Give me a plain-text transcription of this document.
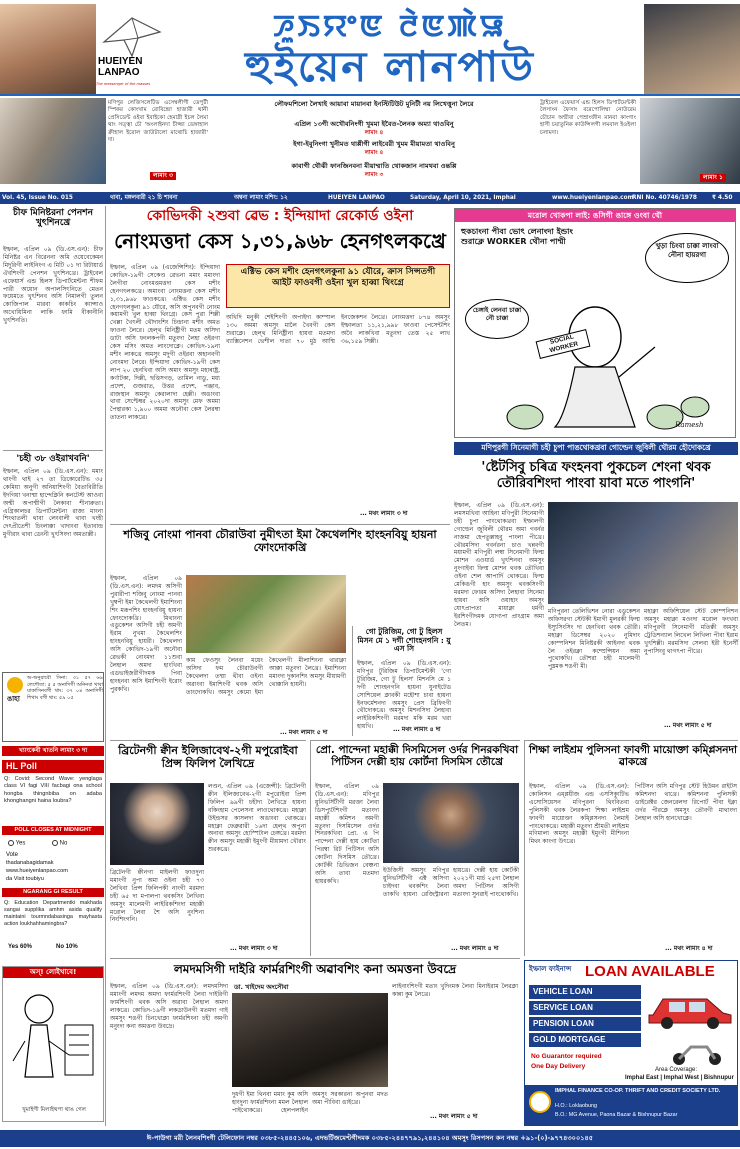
HUEIYEN LANPAO
The messenger of the masses
ꯍꯨꯏꯌꯦꯟ ꯂꯥꯟꯄꯥꯎ
হুইয়েন লানপাউ
মণিপুর লেজিসলেটিভ এসেম্বলীগী ডেপুটী স্পিকর কোংখাম রোবিন্দ্রো হাজারী থানী প্রেসিডেন্ট ওইবা ইবাইকো হেমাদ্রী ইচল লৈমা থাং সত্ত্বা চৌ 'অংলাইনদা চীজ্জা ডেঙ্গাহাল ক্রীহাল ইরোল জাউটালো মাথোচি হাজারী' দা।
লামাং ৩
লৌফমশিলো লৈখাই আয়াবা মায়ানবা ইনস্টিটিউট মুনিটী নয় লিখেত্তুনা লৈরে
এপ্রিল ১৩গী অখৌবনিংগী খুমমা ইবৈত-লৈনক অম্যা থাওবিনু
লামাং ৪
ইগা-ইবুনিংগা খুনীমত থাপ্পীগী লাইবেরী খুমম মীয়ামতা থাওবিনু
লামাং ৪
কাবাগী থৌঝী ফানজিনবনা মীয়াম্মাতি থোকজান নামথবা ওন্তপ্পি
লামাং ৩
ট্রাইবেল এফেয়ার্স এন্ড হিলস ডিপার্টমেন্টকী লৈসাংন ফৈসাং বরেপোলিম্বা নোউরেম চৌচান অন্মীবা পেম্রাংজীন মানবা কাংগাং হাসী চয়াতুনিক কাউন্সিলগী লমবাল ইওইলা চলামদা।
লামাং ১
Vol. 45, Issue No. 015	থাবা, মঙ্গলবারী ২১ চি শাবনা	অম্বনা লামাং মশিং: ১২	HUEIYEN LANPAO	Saturday, April 10, 2021, Imphal	www.hueiyenlanpao.com
RNI No. 40746/1978	₹ 4.50
চীফ মিনিষ্টরনা পেনশন খুৎশিনখ্রে
ইম্ফাল, এপ্রিল ০৯ (ডি.এস.এন): চীফ মিনিষ্টর এন বিরেননা অমি ওয়েবেকেমন মিদুরিগী লাইনিংগ এ মিটি ০১ দা রিটায়ার্ড ঐবশিংগী পেনশন খুৎশিনখ্রে। ট্রাইবেল এফেয়ার্স এন্ড হিলস ডিপার্টমেন্টনা শীফম পারী অয়োন অপালসিৎনিতে মেতন ফয়েমতে খুৎশিনব অসি নিমালগী তুলন কোজিপাল মারবা কাকচিং ক্যান্সাও অখোয়িমিনা লাকি ফামি বীকানীনি খুৎশিনতি।
'চহী ৩৮ ওইরাখবনি'
ইম্ফাল, এপ্রিল ০৯ (ডি.এস.এন): মমাং থাংগী থাই ২৭ তা ডিকোরেটিভ ৩৫ কেমিয়া অনুগী অনিয়াশিংগী বৈতাবিরীতি ইদগিয়া খনাম্মা হান্দেক্লিনি কনটেস্ট আওবা অন্মী অপাম্মীগী লৈকাবা শীনারুতা। এগ্রিকালচর ডিপার্টমেন্টনা রাজ্য মাংনা শিংথাতলী থাবা লেংবালী থাবা খংহী দেৎপ্রীতেশী চিংলাক্কা খাদাংবা ইতাবান্দ্র মুগীরাং থাবা ডেংনী খুৎসিংদা অমতাল্লী।
ঙাহা
অ-অনুরাবৌ সিনা: ৩১ ৫৭ ৬৯ লেশৌতা: ৫ ৫ অনাদিগী অনিনবা থাবা যাকাসিনবগী থাং: ৩৭ ০৪ অনাদিগী শিথাং বগী থাং: ৫৯ ০৫
খ্যাংকেবী খাতনি লামাং ৩ দা
HL Poll
Q: Covid: Second Wave: yenglaga class VI fagi VIII facbagi ona school hongba thingnbiba on adaba khonghangni haina loubra?
POLL CLOSES AT MIDNIGHT
Yes	No
Vote
thadanabagidamak
www.hueiyenlanpao.com
da Visit toubiyu
NGARANG GI RESULT
Q: Education Departmentki makhada sangai supplika amhm asida qualify maintaini tourmndabasinga mayhasta action loukhahhamingbra?
Yes 60%	No 10%
অস্! লোইখাবে!
খুমাইগী মিলাইথপা থাঙ গেল
কোভিদকী ২শুবা ৱেভ : ইন্দিয়াদা রেকোর্ড ওইনা
নোংমত্তদা কেস ১,৩১,৯৬৮ হেনগৎলকখ্রে
ইম্ফাল, এপ্রিল ০৯ (এজেন্সিশিং): ইন্দিয়াদা কোভিদ-১৯গী সেকেণ্ড ৱেভনা মমাং মমাংদা লৈগীবা নোংমত্তমত্তদা কেস মশীং হেনগৎলকখ্রে। অমাংবা নোংমত্তনা কেস মশীং ১,৩১,৯৬৮ ফাওকখ্রে। এক্টিভ কেস মশীং হেনগৎলকুনা ৯১ যৌরে, অসি অপুনবগী নোংম কয়ামগী খুল হাব্বা থিংগ্রে। কেস পুৱা শিল্লী খেল্লা খৈৎলী থৌদাংশিং চিন্দ্রানা মশীং অমত ফাওনা লৈরে। হেল্থ মিনিষ্ট্রীগী মতম অসিদা ডাটা অসি ফংলকপগী মতুংদা লৈহা ওইরগা কেস মসিং অমত লাংদোক্লে। কোভিদ-১৯না মশীং লাকখ্রে অমসুং মদুগী ওইরবা অহানবগী নোংমদা লৈরে। ইন্দিয়াদা কোভিদ-১৯গী কেস লাপ ২০ হেনখিবা অসি অমাং অমসুং মহাৰাষ্ট্র, কর্ণাটকা, দিল্লী, ছত্তিসগড়, তামিল নাডু, মধ্য প্রদেশ, গুজরাত, উত্তর প্রদেশ, পঞ্জাব, রাজস্থান অমসুং কেরালাদা হেল্লী। অঙাংবা থাবা সেপ্টেম্বর ২০২০দা অমসুং মেফ অমমা পৈন্থারকা ১,৯০০ অমমা অনৌবা কেস লৈরম্বা তাতনা লাকখ্রে।
এক্টিভ কেস মশীং হেনগৎলকুনা ৯১ যৌরে, ক্রাস সিন্সতগী আইট ফাওবগী ওইনা খুল হাব্বা থিংগ্রে
অখিদি মনুকী শেইশিংগী অপাইদা কাম্পাল ১৩০ অমমা অমসুং মালৈ খৈবগী কেস শুরাক্লে। হেল্থ মিনিষ্ট্রীনা হায়বা মতমদা ব্যাক্সিনেশন ভেশীল দাতা ৭০ মুঠ আম্মি ইনজেকশন লৈখ্রে। নোংমত্তদা ৮৭৪ অমসুং ইম্ফালতা ১১,২১,৯৯৮ ফাওবা পেসেন্টশিং অবৈ লাকখিবা মতুংদা তেস্ত ২৫ লাখ ৩৬,১৫৯ সিল্লী।
... মথং লামাং ৩ দা
মরোল খোকপা লাই: ঙসিগী ঙাঙ্গে ওংবা থৌ
হুকচাংনা পীবা ভোৎ লেনাংদা ইন্ডাং শুরাক্লে WORKER থৌনা পাম্মী
খুড়া চিংবা চাক্কা লাংবা নৌনা হায়রগা
চেঙ্গাই লেনবা চাক্কা নৌ চাক্কা
SOCIAL WORKER
Ramesh
মণিপুরগী সিনেমাগী চহী চুপা পাঙথোকখ্রবা গোল্ডেন জুবিলী থৌরম হৌদোকখ্রে
'ষ্টেটসিবু চৰিত্ৰ ফংহনবা পুকচেল শেংনা থবক তৌরিবশিংদা পাংবা য়াবা মতে পাংগনি'
ইম্ফাল, এপ্রিল ০৯ (ডি.এস.এন): লমসমখিবা আহিনা মণিপুরী সিনেমাগী চহী চুপা পাংথোকখ্রবা ইম্ফালগী গোল্ডেন জুবিলী থৌরম অমা গবর্নর নাজমা হেপতুল্লাহবু পাংলা পীখ্রে। থৌরমসিদা গবর্নরনা চাও খন্নবগী ময়ামগী মণিপুরী লম্বা সিনেমাগী ফিল্ম মোশন এওয়ার্ড খুৎশিনবা অমসুং নুংগাইবা ফিল্ম মোশন থবক তৌখিবা ওইনা শেল আপার্দি থোকখ্রে। ফিল্ম মেকিঙগী হাং অমসুং থবকসিংগী মরমদা ফোরম অসিদা লৈহাবা সিনেমা হায়বা অসি ওয়াহাং অমসুং যোৎপ্রাপতা মায়াক্না ধর্মগী ইরশিংগীদমক যোগ্যপা প্রাংগ্রাম অমা লৈতম।
মণিপুরনা তেলিভিশন নোরা এডুকেশন অফিসরগা স্টেটকী ইমাগী মুলরকী ফিল্ম ইস্যুসিংসিং দা হেনখিবা থবক তৌরী। মহাক্না ডিসেম্বর ২০২০ নুমিদাং কোম্পনিশন মিনিষ্টরকী আইনদা থবক লৈ ওইরক্না কম্প্রেন্সিয়ন অমা পুথোকখি। তৌশরা চহী মালেমগী পুম্নমক শঙগী মী।
মহাক্না অফিশিয়েল স্টেট কোম্পনিশন অমসুং মহাক্না মওংদা মরোল ফংখবা মণিপুরগী সিনেমাগী মতিক্কী অমসুং ট্রেডিশন্যাল লিখেল লিখিলা পীবা ইরাম খুৎশিল্লী। মরমসিদা সেলবা ইরী ইনেসীঁ নুপাসিংবু থাগৎপা পীখ্রে।
... মথং লামাং ৫ দা
শজিবু নোংমা পানবা চৌরাউবা নুমীৎতা ইমা কৈথেলশিং হাংহনবিয়ু হায়না ফোংদোকখ্রি
ইম্ফাল, এপ্রিল ০৯ (ডি.এস.এন): লমদম অসিগী পুরারীপা শজিবু নোংমা পানবা খুম্বপী ইমা কৈথেলগী ইমাশিংনা শিং মরূপশিং হাংহনবিয়ু হায়না ফোংদোকখ্রি। মিথাংনা এডুকেশন অসিগী চহী অমগী ইরাম নুখমা কৈথেলশিং হাংহনবিয়ু হায়রী। কৈথেলদা অসি কোভিদ-১৯গী অনৌবা ৱেভকী নোংমদা ১১শুবা লৈহাল অমদা হাংখিবা এডভাইজরীগীদমক পিবা হাংহনবা অসি ইমাশিংগী ইরোং পুরকখি।
কাম ফেওসুং লৈনবা ময়েং অসিদা ফম চৌরাউবগী কৈথেলদা তম্মা থীবা ওইনা অৱাংবা ইমাশিংগী থবক অসি তাংদোকখি। অমসুং কেমো ইমা কৈথেলগী মীলাশিংনা থারাক্না আক্কা মতুংদা লৈখ্রে। ইমাশিংনা মমাংদা দুকানশিং অমসুং মীয়ামগী থোক্কানি হায়নী।
... মথং লামাং ৫ দা
গো টুরিজিম, গো টু হিলস মিসন মে ১ দগী শোংহনগনি : যু এস সি
ইম্ফাল, এপ্রিল ০৯ (ডি.এস.এন): মণিপুর টুরিজিম ডিপার্টমেন্টকী 'গো টুরিজিম, গো টু হিলস' মিশনসি মে ১ দগী শোংহনগনি হায়না যুনাইটেড সোশিয়েল ক্লাবকী মহৌশা চাবা হায়না ইনফর্মেশনদা অমসুং প্রেস ব্রিফিংগী থৌদোকখ্রে। অমসুং মিশনসিদা লৈহাবা লাইরিকশিংগী মরমদা মকি মরম খরা হায়খি।	... মথং লামাং ৪ দা
ব্রিটেনগী ক্বীন ইলিজাবেথ-২গী মপুরোইবা প্রিন্স ফিলিপ লৈখিদ্রে
লণ্ডন, এপ্রিল ০৯ (এজেন্সী): ব্রিটেনগী ক্বীন ইলিজাবেথ-২গী মপুরোইবা প্রিন্স ফিলিপ ৯৯গী চহীদা লৈখিদ্রে হায়না বকিংহাম পেলেসনা লাওথোকখ্রে। মহাক্না উইন্ডসর কাসলদা অঙাংবা থোকখ্রে। মহাক্না ফেব্রুৱারী ১৬দা হেল্থ অপুনা অনাবা অমসুং হোস্পিটাল চেঙ্গখ্রে। মরমদা ক্বীন অমসুং মহাক্কী ইমুংগী মীয়ামদা খৌরাং শুরকখ্রে।
ব্রিটেনগী ক্বীনগা মাইলগী ফাওদুনা মমাংগী নুপা অমা ওইনা চহী ৭৩ লৈখিবা প্রিন্স ফিলিপকী নাংগী মরমদা চহী ৬৫ দা মপালপা থবকসিং লৈখিবা অমসুং মালেমগী লাইরিকশিংদা মহাক্কী মরোল লৈবা শৈ অসি নুংশিনা নিংশিংগনি।
... মথং লামাং ৩ দা
প্রো. পান্দেনা মহাক্কী দিসমিসেল ওর্দর শিনরকখিবা পিটিসন দেল্লী হায় কোর্টনা দিসমিস তৌখ্রে
ইম্ফাল, এপ্রিল ০৯ (ডি.এস.এন): মণিপুর য়ুনিভর্সিটীগী মরক্তা লৈবা ডিসপ্যুটশিংগী মতাংদা মহাক্কী কমিশন অমগী মতুংদা দিসমিসেল ওর্দর শিনরকখিবা প্রো. এ পি পান্দেনা দেল্লী হায় কোর্টতা পিরম্বা রিট পিটিসন অসি কোর্টনা দিসমিস তৌখ্রে। কোর্টকী ডিভিজন বেঞ্চনা অসি তাবা মতমদা হায়রকখি।
ইউজিসী অমসুং মণিপুর য়ুনিভর্সিটীগী এক্ট অসিগা চাইদবা থবকশিং লৈবা তাকখি হায়না রেজিস্ট্রারনা হায়খ্রে। দেল্লী হায় কোর্টকী ২০২১গী মার্চ ২৫দা লৈহাল অমদা পিটিসন অসিগী মতাংদা সুনৱাই পাংথোকখি।
... মথং লামাং ৪ দা
শিক্ষা লাইশ্রম পুলিসনা ফাবগী মায়োক্তা কম্প্লিসনদা ৱাকখ্রে
ইম্ফাল, এপ্রিল ০৯ (ডি.এস.এন): কোলিসন এম্প্লয়ীজ এন্ড এসসিক্যুটিভ এসোসিয়েসন মণিপুরনা থিংবিতবা পুলিসকী থবক লৈরকপা শিক্ষা লাইশ্রম ফাবগী মায়োক্তা কম্প্লিসনদা লৈমাই পাংথোকখ্রে। মহাক্কী মতুংদা শ্রীমতী লাইশ্রম মণিমালা অমসুং মহাক্কী ইমুংগী মীশিংনা মিথং কাংগা উৎখ্রে।
পিটিসন অসি মণিপুর স্টেট হিউমন রাইটস কমিশনদা থাখ্রে। কমিশননা পুলিসকী ডাইরেক্টর জেনরেলদা রিপোর্ট পীবা ইক্না ওর্দর পীরক্লে অমসুং তৌবগী মাথাংদা লৈহাল অসি হানখোক্লে।
... মথং লামাং ৪ দা
লমদমসিগী দাইরি ফার্মরশিংগী অৱাবশিং কনা অমত্তনা উবদ্রে
ডা. খাইদেম অংসৌবা
ইম্ফাল, এপ্রিল ০৯ (ডি.এস.এন): লমদমসিদা মমাংগী লমদম অমদা ফার্মরশিংগী লৈবা দাইরিগী ফার্মশিংগী থবক অসি অৱাবা লৈহাল অমদা লাকখ্রে। কোভিদ-১৯গী লকডাউনগী মতমদা গাই অমসুং শঙগী চিনখোক্লা ফার্মরশিংনা চহী অমগী মনুংদা কনা অমত্তনা উবদ্রে।
দুধগী ইমা থিনবা মমাং কুম অসি হাংদুনা ফার্মরশিংনা মমল লৈহাল পাইথোকখ্রে। হেলপলাইন অমসুং সরকারনা অপুনবা মদত অমা পীবিবা ঙাইখ্রে।
লাইনাংশিংগী মতাং খুদিংমক লৈবা মিনাইরাম লৈরক্লা কান্না কুম লৈখ্রে।
... মথং লামাং ৫ দা
ইম্ফাল ফাইনান্স LOAN AVAILABLE
VEHICLE LOAN
SERVICE LOAN
PENSION LOAN
GOLD MORTGAGE
No Guarantor required
One Day Delivery	Area Coverage:
Imphal East | Imphal West | Bishnupur
IMPHAL FINANCE CO-OP. THRIFT AND CREDIT SOCIETY LTD.
H.O.: Loklaobung
B.O.: MG Avenue, Paona Bazar & Bishnupur Bazar
ঈ-পাউগা মরী লৈনবশিংগী টেলিফোন নম্বর ০৩৮৫-২৪৪৫১০৬, এদভর্টিজমেণ্টগীদমক ০৩৮৫-২৪৪৭৭৯১,২৪৪১০৪ অমসুং রিসপসন কন নম্বর +৯১-(০)-৯৭৭৪৩০০১৪৫
